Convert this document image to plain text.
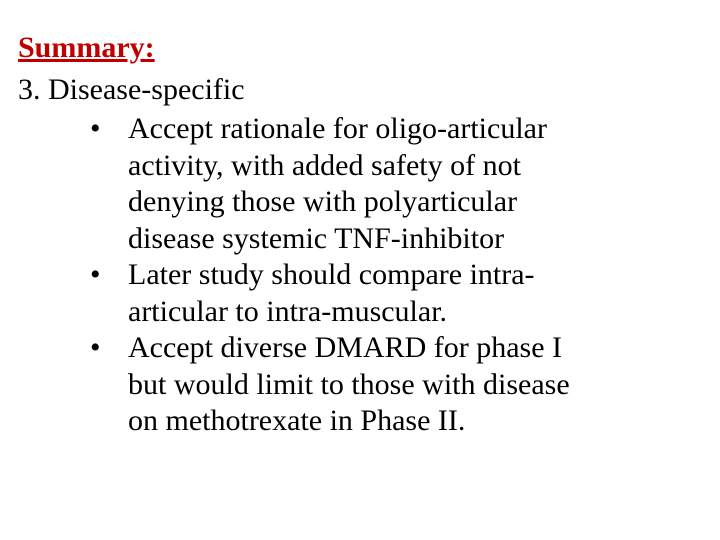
Summary:
3. Disease-specific
• Accept rationale for oligo-articular
activity, with added safety of not
denying those with polyarticular
disease systemic TNF-inhibitor
• Later study should compare intra-
articular to intra-muscular.
• Accept diverse DMARD for phase I
but would limit to those with disease
on methotrexate in Phase II.
